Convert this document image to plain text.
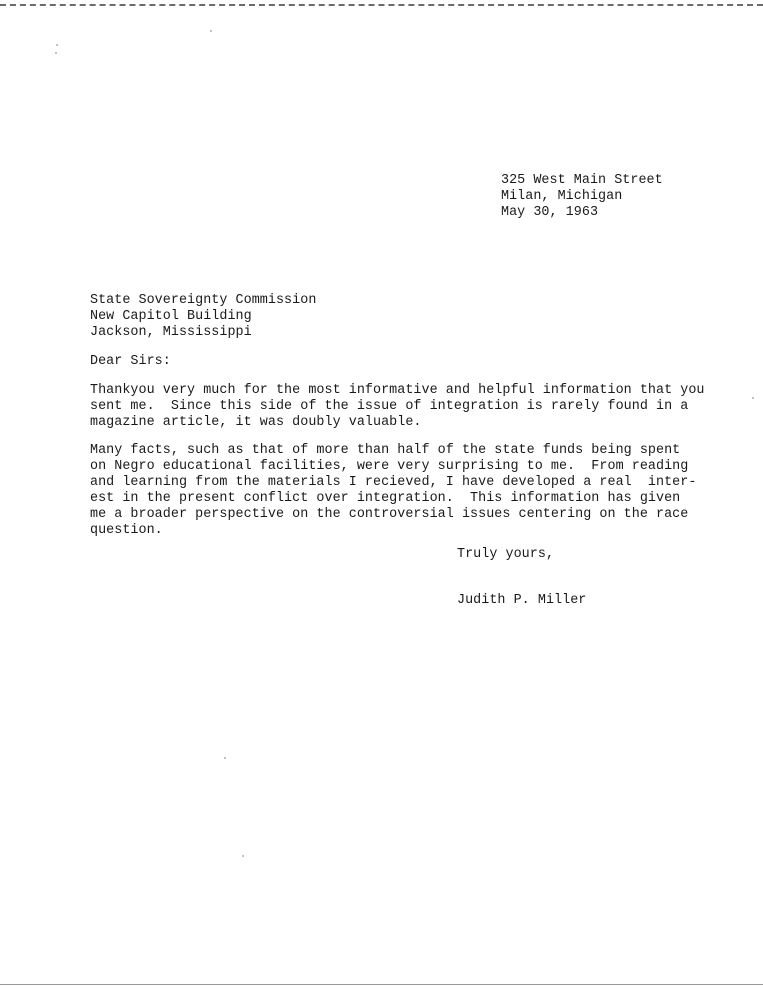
325 West Main Street
Milan, Michigan
May 30, 1963
State Sovereignty Commission
New Capitol Building
Jackson, Mississippi
Dear Sirs:
Thankyou very much for the most informative and helpful information that you
sent me.  Since this side of the issue of integration is rarely found in a
magazine article, it was doubly valuable.
Many facts, such as that of more than half of the state funds being spent
on Negro educational facilities, were very surprising to me.  From reading
and learning from the materials I recieved, I have developed a real  inter-
est in the present conflict over integration.  This information has given
me a broader perspective on the controversial issues centering on the race
question.
Truly yours,
Judith P. Miller
